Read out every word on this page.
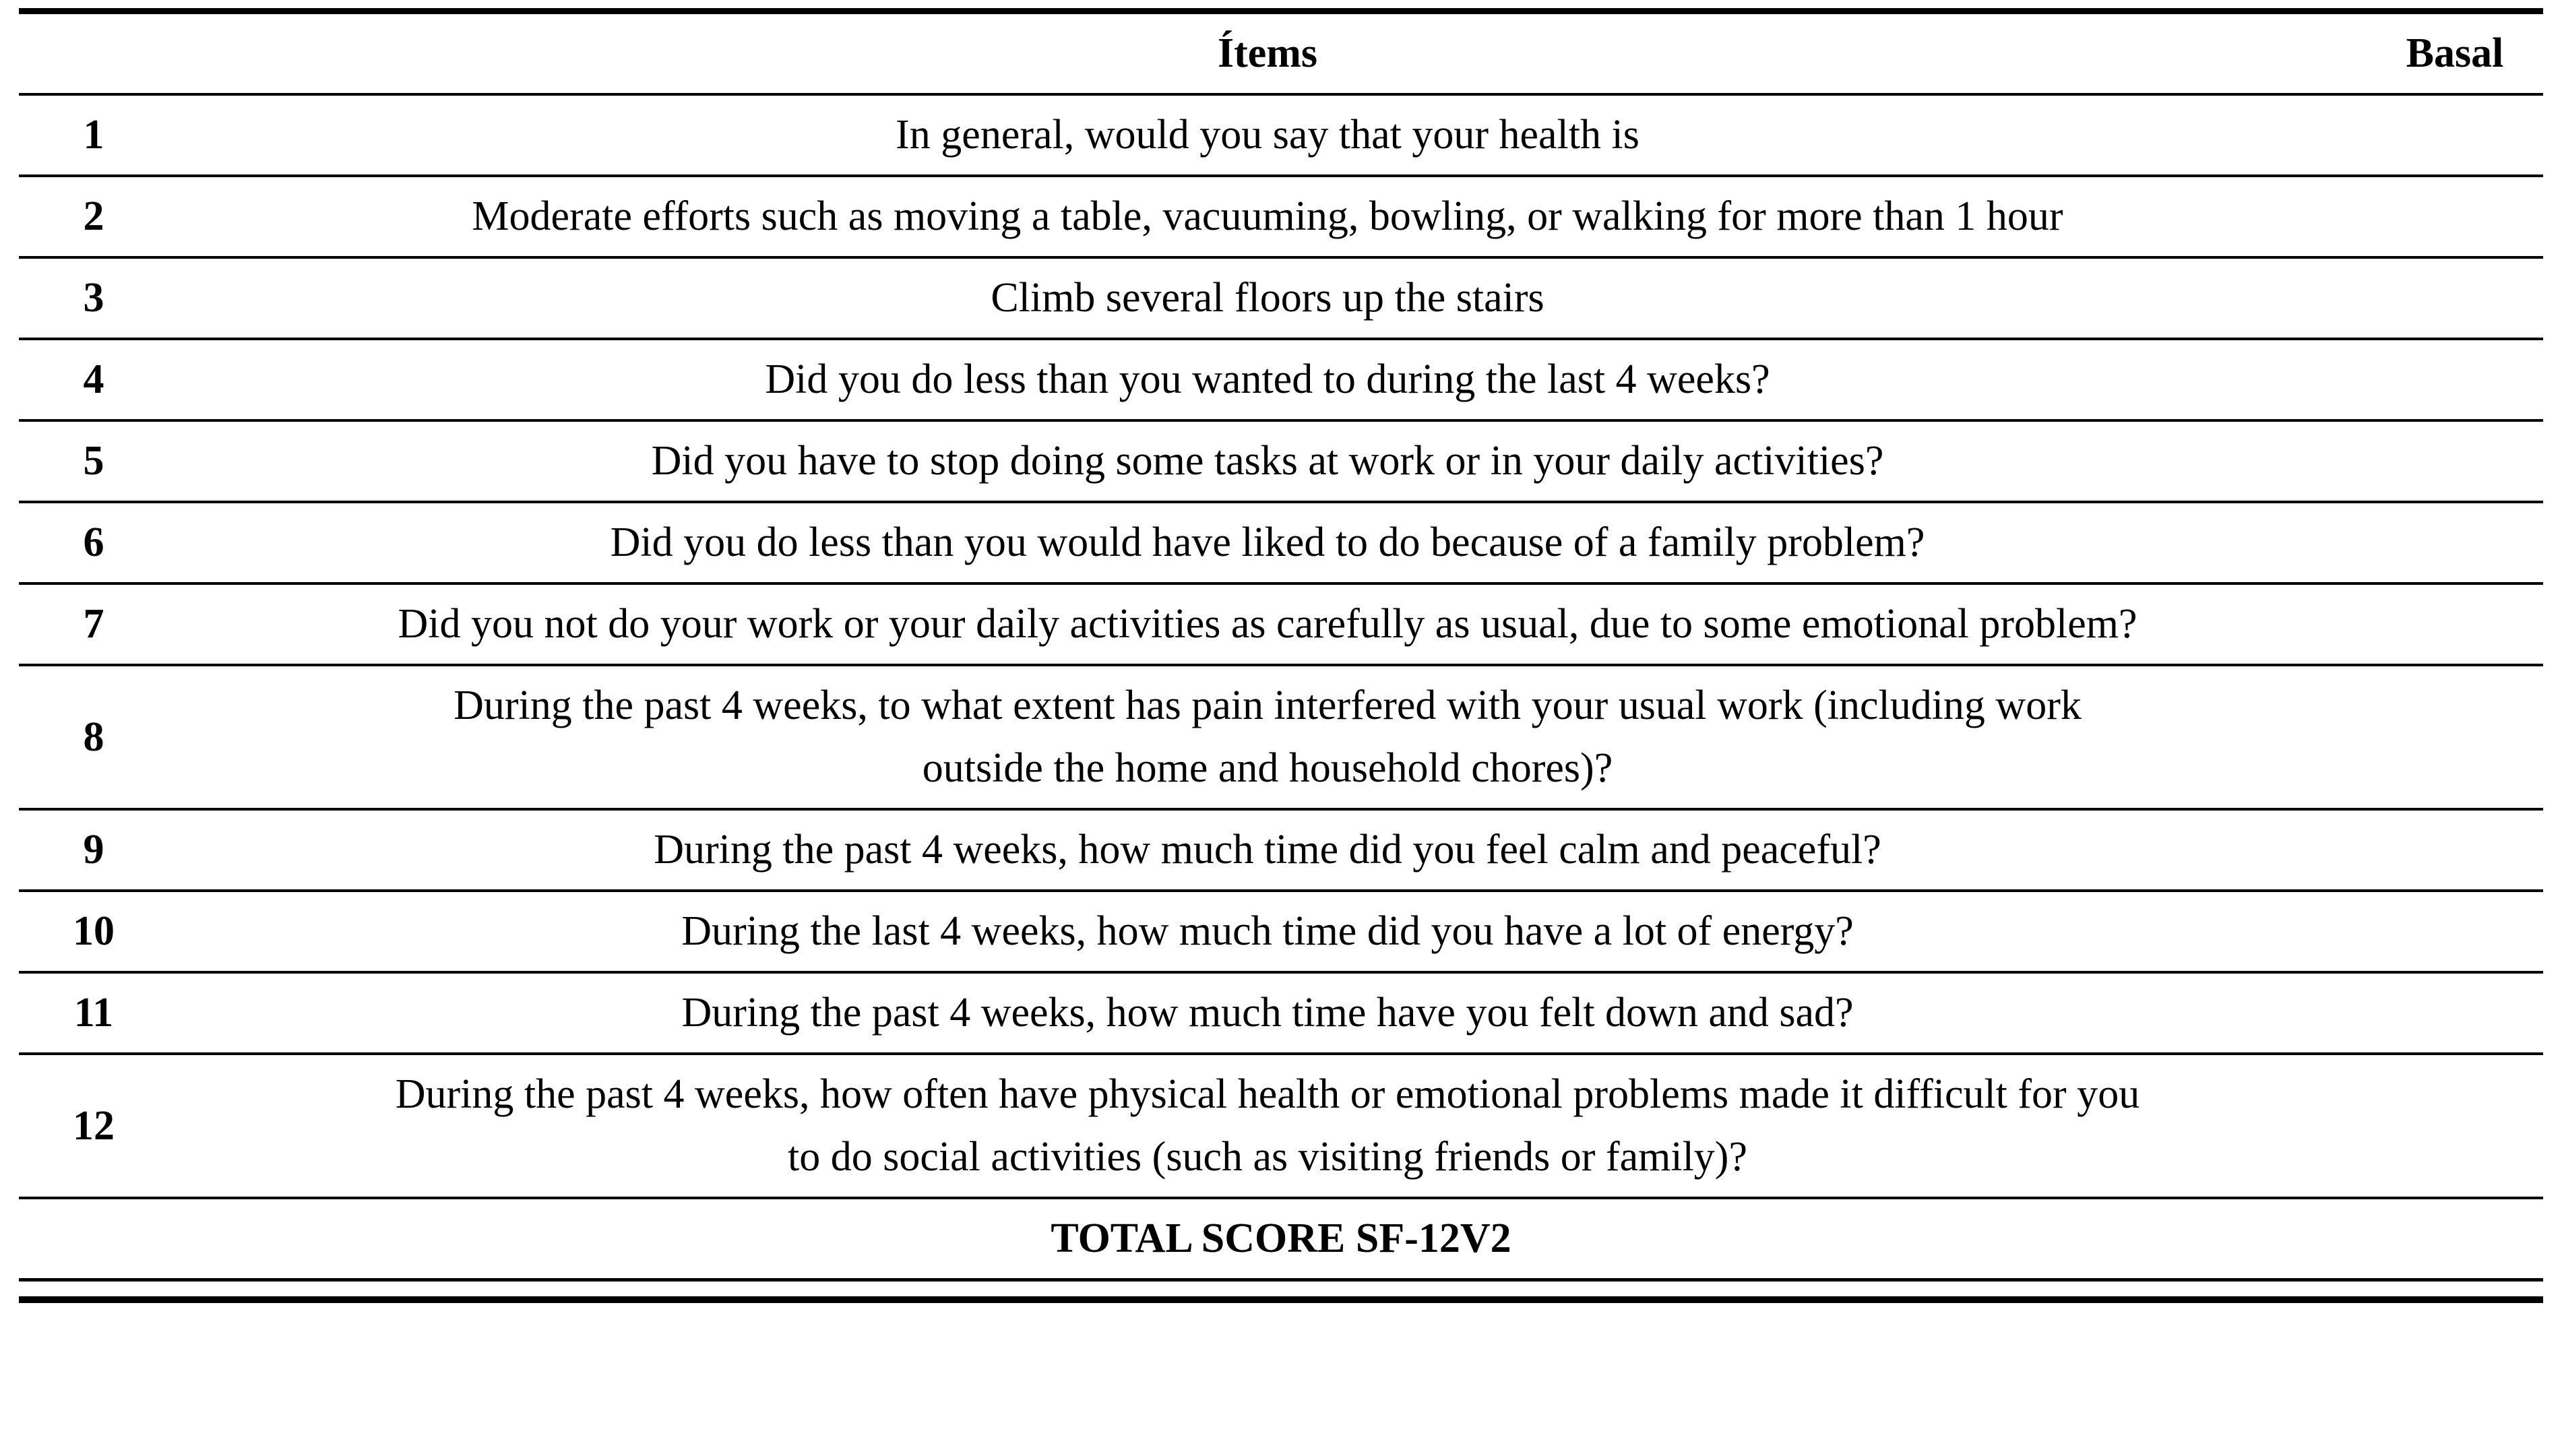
	Ítems	Basal
1	In general, would you say that your health is	

2	Moderate efforts such as moving a table, vacuuming, bowling, or walking for more than 1 hour	

3	Climb several floors up the stairs	

4	Did you do less than you wanted to during the last 4 weeks?	

5	Did you have to stop doing some tasks at work or in your daily activities?	

6	Did you do less than you would have liked to do because of a family problem?	

7	Did you not do your work or your daily activities as carefully as usual, due to some emotional problem?	

8	During the past 4 weeks, to what extent has pain interfered with your usual work (including work outside the home and household chores)?	

9	During the past 4 weeks, how much time did you feel calm and peaceful?	

10	During the last 4 weeks, how much time did you have a lot of energy?	

11	During the past 4 weeks, how much time have you felt down and sad?	

12	During the past 4 weeks, how often have physical health or emotional problems made it difficult for you to do social activities (such as visiting friends or family)?	

TOTAL SCORE SF-12V2		
